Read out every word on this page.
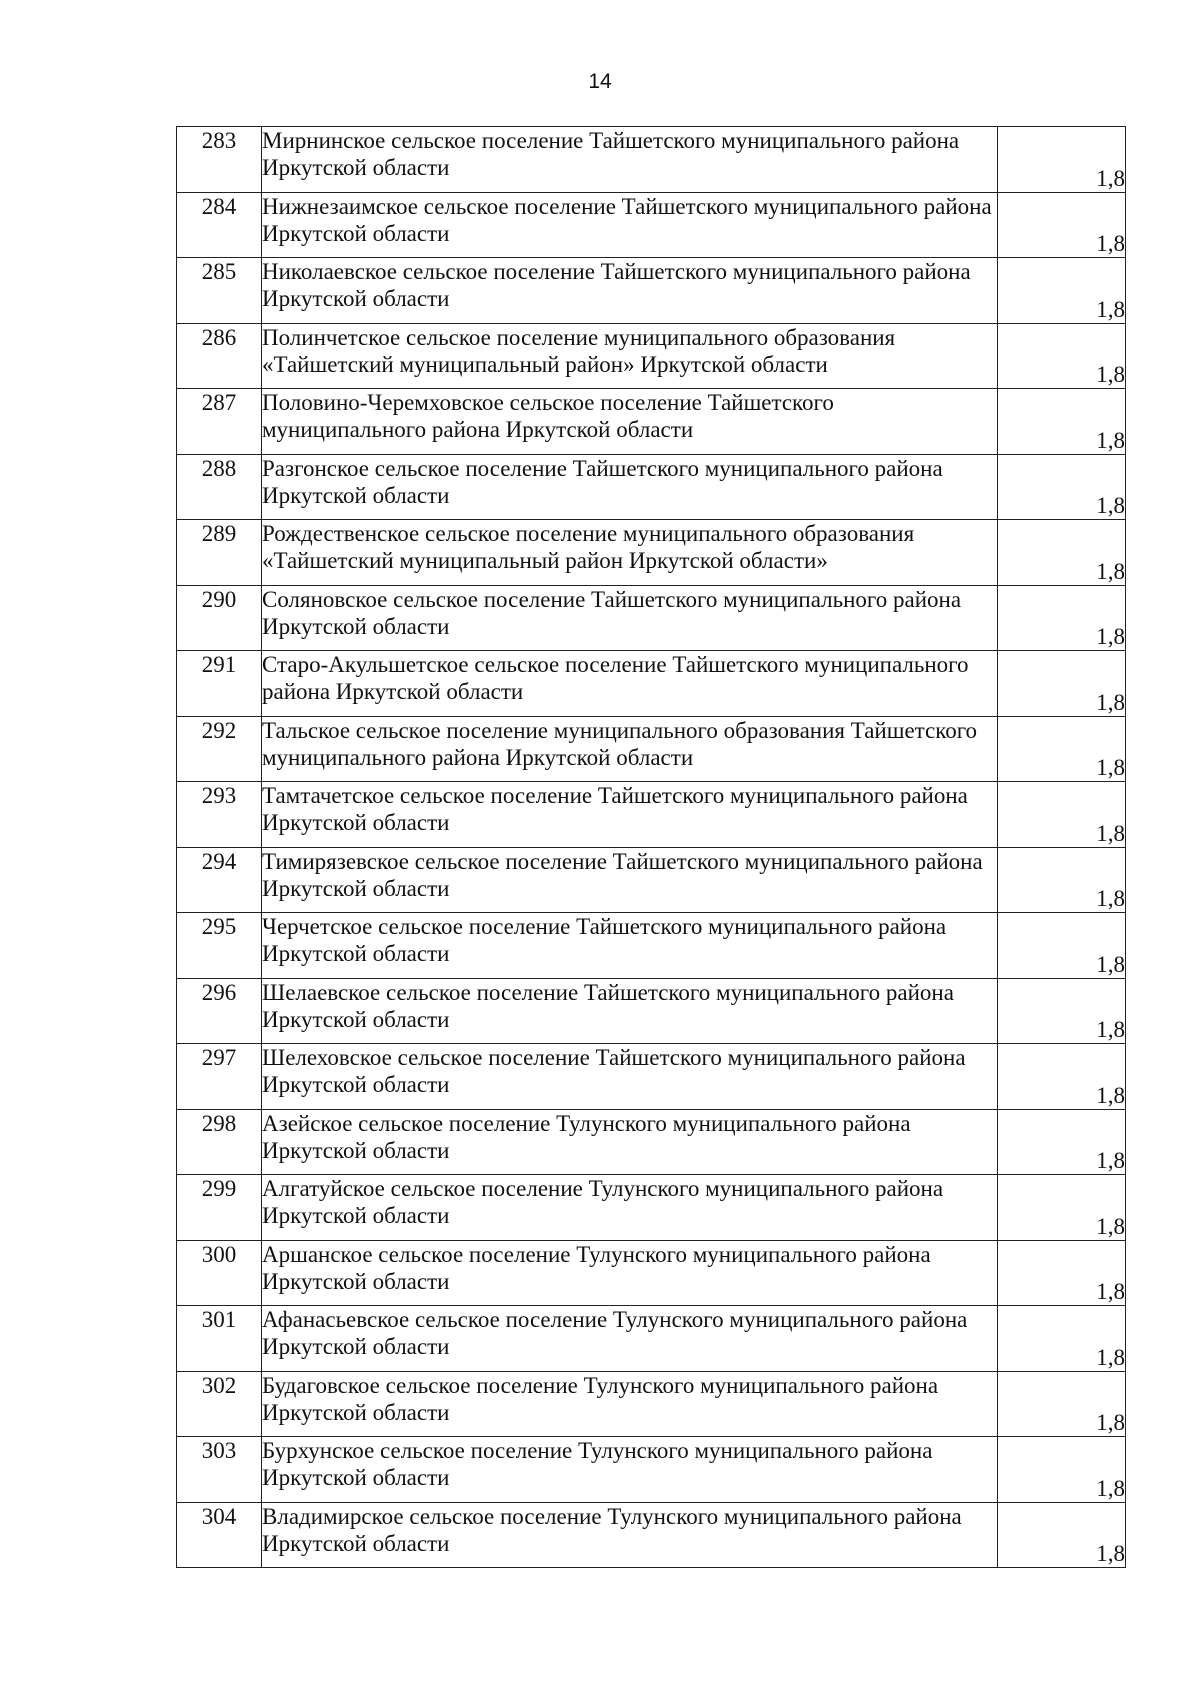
14
283	Мирнинское сельское поселение Тайшетского муниципального района Иркутской области	1,8
284	Нижнезаимское сельское поселение Тайшетского муниципального района Иркутской области	1,8
285	Николаевское сельское поселение Тайшетского муниципального района Иркутской области	1,8
286	Полинчетское сельское поселение муниципального образования «Тайшетский муниципальный район» Иркутской области	1,8
287	Половино-Черемховское сельское поселение Тайшетского муниципального района Иркутской области	1,8
288	Разгонское сельское поселение Тайшетского муниципального района Иркутской области	1,8
289	Рождественское сельское поселение муниципального образования «Тайшетский муниципальный район Иркутской области»	1,8
290	Соляновское сельское поселение Тайшетского муниципального района Иркутской области	1,8
291	Старо-Акульшетское сельское поселение Тайшетского муниципального района Иркутской области	1,8
292	Тальское сельское поселение муниципального образования Тайшетского муниципального района Иркутской области	1,8
293	Тамтачетское сельское поселение Тайшетского муниципального района Иркутской области	1,8
294	Тимирязевское сельское поселение Тайшетского муниципального района Иркутской области	1,8
295	Черчетское сельское поселение Тайшетского муниципального района Иркутской области	1,8
296	Шелаевское сельское поселение Тайшетского муниципального района Иркутской области	1,8
297	Шелеховское сельское поселение Тайшетского муниципального района Иркутской области	1,8
298	Азейское сельское поселение Тулунского муниципального района Иркутской области	1,8
299	Алгатуйское сельское поселение Тулунского муниципального района Иркутской области	1,8
300	Аршанское сельское поселение Тулунского муниципального района Иркутской области	1,8
301	Афанасьевское сельское поселение Тулунского муниципального района Иркутской области	1,8
302	Будаговское сельское поселение Тулунского муниципального района Иркутской области	1,8
303	Бурхунское сельское поселение Тулунского муниципального района Иркутской области	1,8
304	Владимирское сельское поселение Тулунского муниципального района Иркутской области	1,8
